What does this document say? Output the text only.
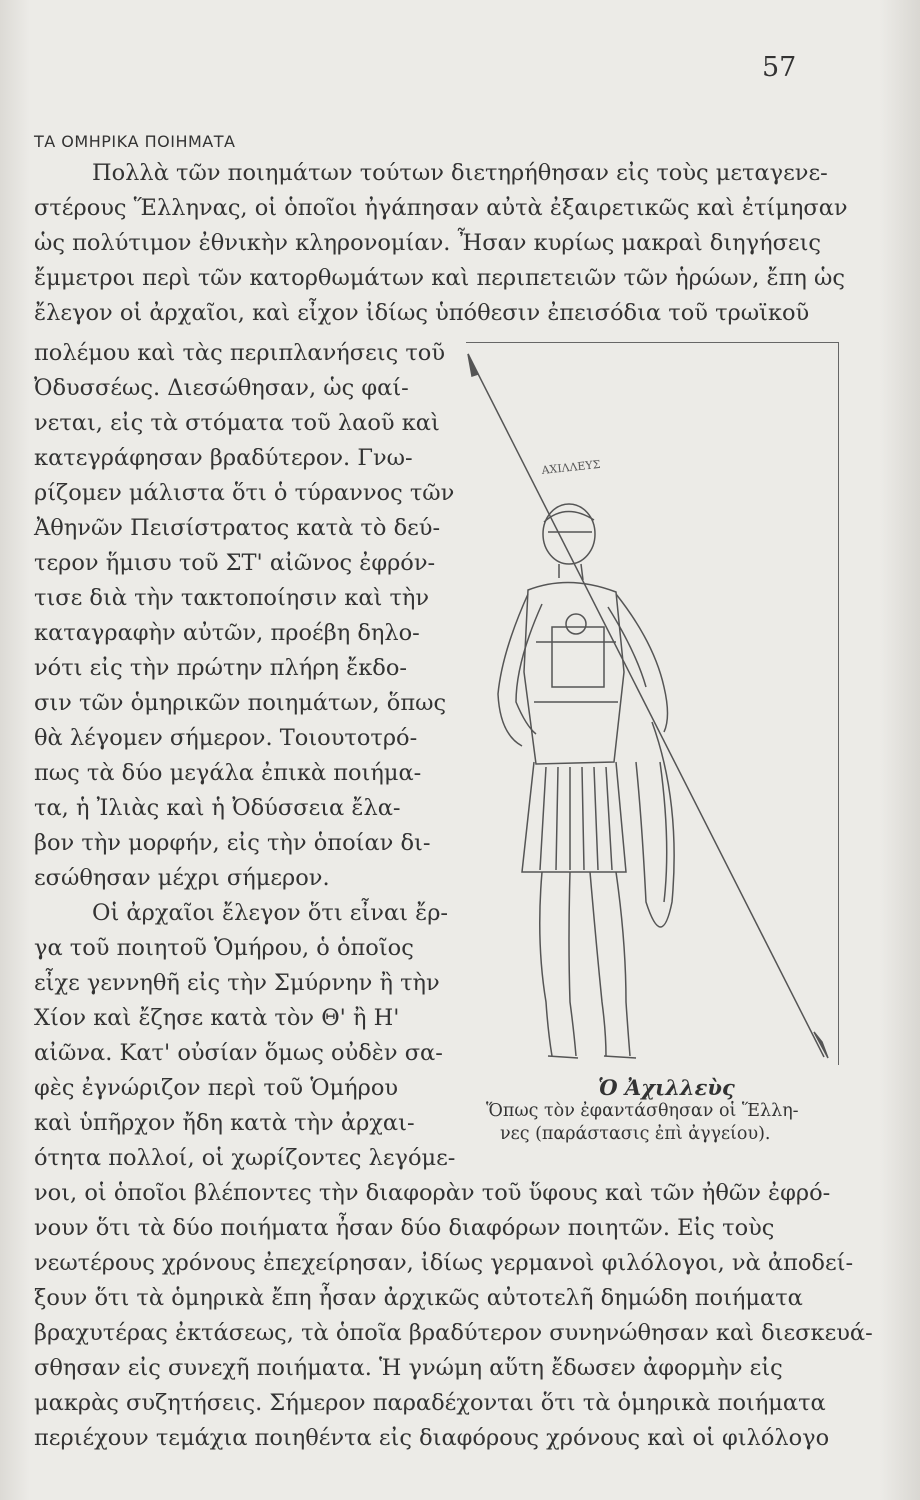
57
ΤΑ ΟΜΗΡΙΚΑ ΠΟΙΗΜΑΤΑ
Πολλὰ τῶν ποιημάτων τούτων διετηρήθησαν εἰς τοὺς μεταγενε-
στέρους Ἕλληνας, οἱ ὁποῖοι ἠγάπησαν αὐτὰ ἐξαιρετικῶς καὶ ἐτίμησαν
ὡς πολύτιμον ἐθνικὴν κληρονομίαν. Ἦσαν κυρίως μακραὶ διηγήσεις
ἔμμετροι περὶ τῶν κατορθωμάτων καὶ περιπετειῶν τῶν ἡρώων, ἔπη ὡς
ἔλεγον οἱ ἀρχαῖοι, καὶ εἶχον ἰδίως ὑπόθεσιν ἐπεισόδια τοῦ τρωϊκοῦ
πολέμου καὶ τὰς περιπλανήσεις τοῦ
Ὀδυσσέως. Διεσώθησαν, ὡς φαί-
νεται, εἰς τὰ στόματα τοῦ λαοῦ καὶ
κατεγράφησαν βραδύτερον. Γνω-
ρίζομεν μάλιστα ὅτι ὁ τύραννος τῶν
Ἀθηνῶν Πεισίστρατος κατὰ τὸ δεύ-
τερον ἥμισυ τοῦ ΣΤ' αἰῶνος ἐφρόν-
τισε διὰ τὴν τακτοποίησιν καὶ τὴν
καταγραφὴν αὐτῶν, προέβη δηλο-
νότι εἰς τὴν πρώτην πλήρη ἔκδο-
σιν τῶν ὁμηρικῶν ποιημάτων, ὅπως
θὰ λέγομεν σήμερον. Τοιουτοτρό-
πως τὰ δύο μεγάλα ἐπικὰ ποιήμα-
τα, ἡ Ἰλιὰς καὶ ἡ Ὀδύσσεια ἔλα-
βον τὴν μορφήν, εἰς τὴν ὁποίαν δι-
εσώθησαν μέχρι σήμερον.
Οἱ ἀρχαῖοι ἔλεγον ὅτι εἶναι ἔρ-
γα τοῦ ποιητοῦ Ὁμήρου, ὁ ὁποῖος
εἶχε γεννηθῆ εἰς τὴν Σμύρνην ἢ τὴν
Χίον καὶ ἔζησε κατὰ τὸν Θ' ἢ Η'
αἰῶνα. Κατ' οὐσίαν ὅμως οὐδὲν σα-
φὲς ἐγνώριζον περὶ τοῦ Ὁμήρου
καὶ ὑπῆρχον ἤδη κατὰ τὴν ἀρχαι-
ότητα πολλοί, οἱ χωρίζοντες λεγόμε-
νοι, οἱ ὁποῖοι βλέποντες τὴν διαφορὰν τοῦ ὕφους καὶ τῶν ἠθῶν ἐφρό-
νουν ὅτι τὰ δύο ποιήματα ἦσαν δύο διαφόρων ποιητῶν. Εἰς τοὺς
νεωτέρους χρόνους ἐπεχείρησαν, ἰδίως γερμανοὶ φιλόλογοι, νὰ ἀποδεί-
ξουν ὅτι τὰ ὁμηρικὰ ἔπη ἦσαν ἀρχικῶς αὐτοτελῆ δημώδη ποιήματα
βραχυτέρας ἐκτάσεως, τὰ ὁποῖα βραδύτερον συνηνώθησαν καὶ διεσκευά-
σθησαν εἰς συνεχῆ ποιήματα. Ἡ γνώμη αὕτη ἔδωσεν ἀφορμὴν εἰς
μακρὰς συζητήσεις. Σήμερον παραδέχονται ὅτι τὰ ὁμηρικὰ ποιήματα
περιέχουν τεμάχια ποιηθέντα εἰς διαφόρους χρόνους καὶ οἱ φιλόλογο
ΑΧΙΛΛΕΥΣ
Ὁ Ἀχιλλεὺς
Ὅπως τὸν ἐφαντάσθησαν οἱ Ἕλλη-
νες (παράστασις ἐπὶ ἀγγείου).
